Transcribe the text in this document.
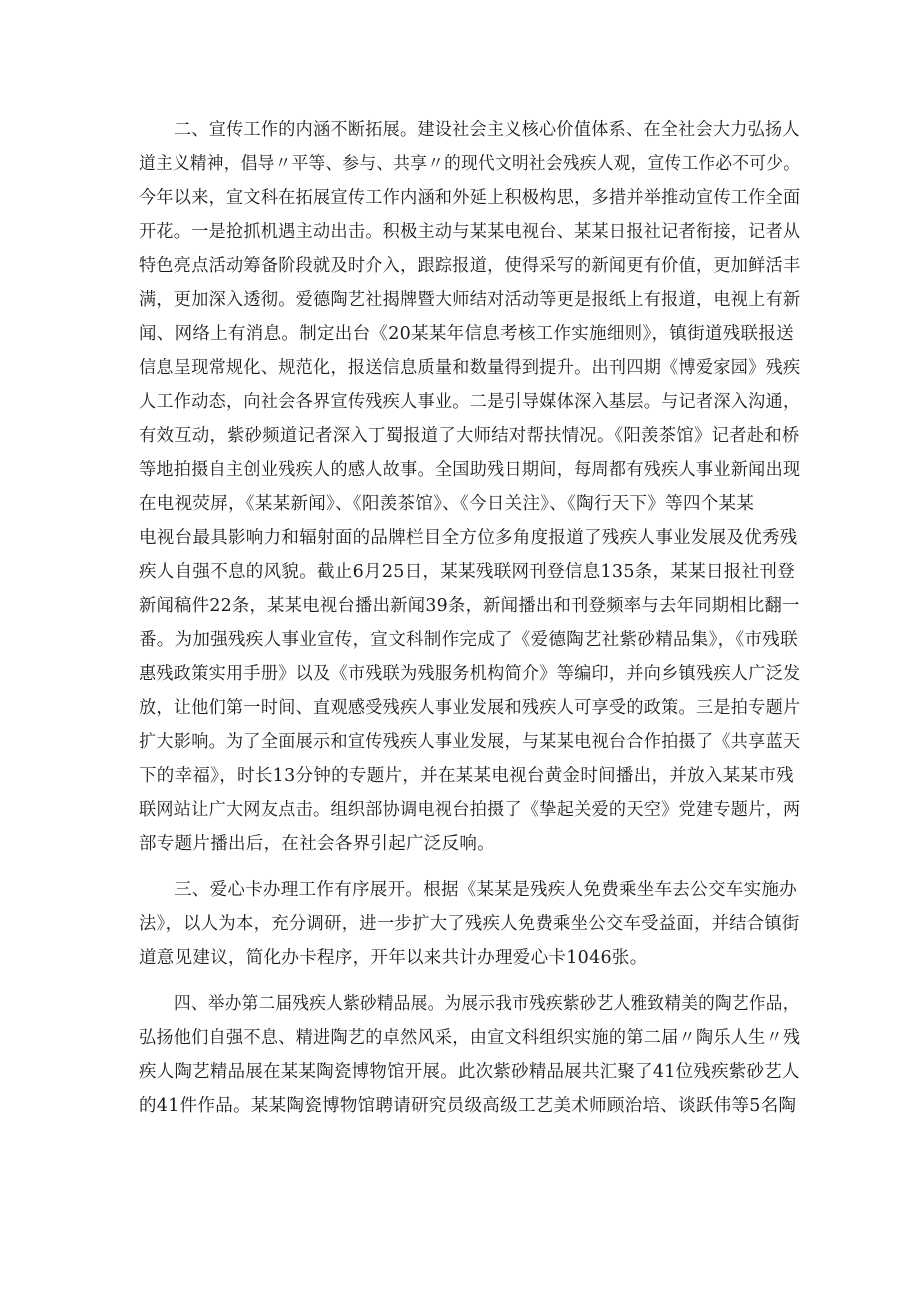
二、宣传工作的内涵不断拓展。建设社会主义核心价值体系、在全社会大力弘扬人
道主义精神，倡导〃平等、参与、共享〃的现代文明社会残疾人观，宣传工作必不可少。
今年以来，宣文科在拓展宣传工作内涵和外延上积极构思，多措并举推动宣传工作全面
开花。一是抢抓机遇主动出击。积极主动与某某电视台、某某日报社记者衔接，记者从
特色亮点活动筹备阶段就及时介入，跟踪报道，使得采写的新闻更有价值，更加鲜活丰
满，更加深入透彻。爱德陶艺社揭牌暨大师结对活动等更是报纸上有报道，电视上有新
闻、网络上有消息。制定出台《20某某年信息考核工作实施细则》，镇街道残联报送
信息呈现常规化、规范化，报送信息质量和数量得到提升。出刊四期《博爱家园》残疾
人工作动态，向社会各界宣传残疾人事业。二是引导媒体深入基层。与记者深入沟通，
有效互动，紫砂频道记者深入丁蜀报道了大师结对帮扶情况。《阳羡茶馆》记者赴和桥
等地拍摄自主创业残疾人的感人故事。全国助残日期间，每周都有残疾人事业新闻出现
在电视荧屏，《某某新闻》、《阳羡茶馆》、《今日关注》、《陶行天下》等四个某某
电视台最具影响力和辐射面的品牌栏目全方位多角度报道了残疾人事业发展及优秀残
疾人自强不息的风貌。截止6月25日，某某残联网刊登信息135条，某某日报社刊登
新闻稿件22条，某某电视台播出新闻39条，新闻播出和刊登频率与去年同期相比翻一
番。为加强残疾人事业宣传，宣文科制作完成了《爱德陶艺社紫砂精品集》，《市残联
惠残政策实用手册》以及《市残联为残服务机构简介》等编印，并向乡镇残疾人广泛发
放，让他们第一时间、直观感受残疾人事业发展和残疾人可享受的政策。三是拍专题片
扩大影响。为了全面展示和宣传残疾人事业发展，与某某电视台合作拍摄了《共享蓝天
下的幸福》，时长13分钟的专题片，并在某某电视台黄金时间播出，并放入某某市残
联网站让广大网友点击。组织部协调电视台拍摄了《挚起关爱的天空》党建专题片，两
部专题片播出后，在社会各界引起广泛反响。
三、爱心卡办理工作有序展开。根据《某某是残疾人免费乘坐车去公交车实施办
法》，以人为本，充分调研，进一步扩大了残疾人免费乘坐公交车受益面，并结合镇街
道意见建议，简化办卡程序，开年以来共计办理爱心卡1046张。
四、举办第二届残疾人紫砂精品展。为展示我市残疾紫砂艺人雅致精美的陶艺作品，
弘扬他们自强不息、精进陶艺的卓然风采，由宣文科组织实施的第二届〃陶乐人生〃残
疾人陶艺精品展在某某陶瓷博物馆开展。此次紫砂精品展共汇聚了41位残疾紫砂艺人
的41件作品。某某陶瓷博物馆聘请研究员级高级工艺美术师顾治培、谈跃伟等5名陶
